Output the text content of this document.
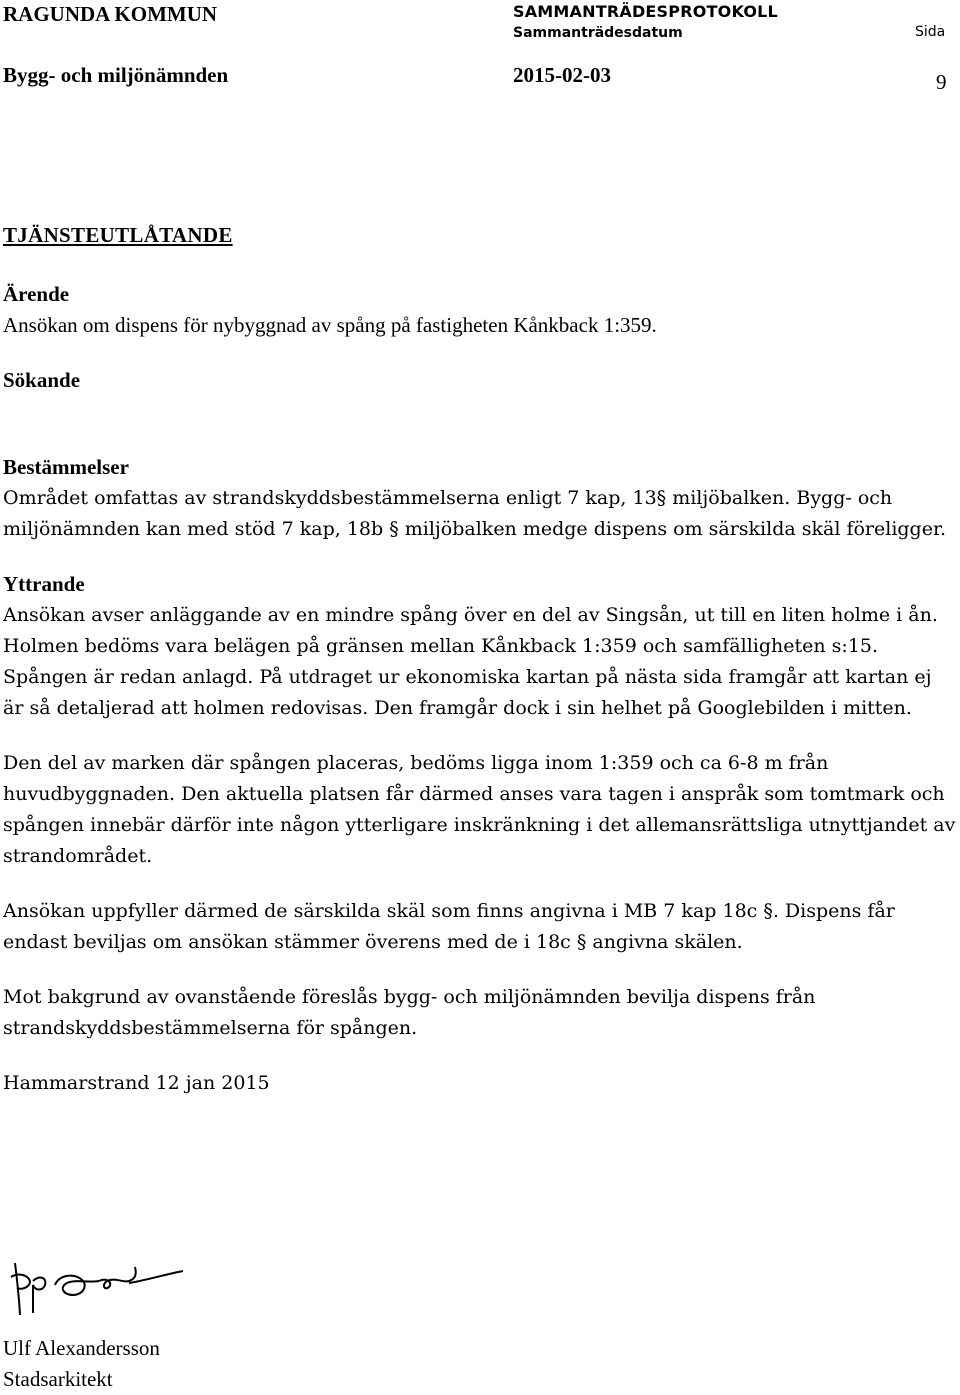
RAGUNDA KOMMUN	SAMMANTRÄDESPROTOKOLL
Sammanträdesdatum	Sida
Bygg- och miljönämnden	2015-02-03	9

TJÄNSTEUTLÅTANDE

Ärende

Ansökan om dispens för nybyggnad av spång på fastigheten Kånkback 1:359.

Sökande

Bestämmelser

Området omfattas av strandskyddsbestämmelserna enligt 7 kap, 13§ miljöbalken. Bygg- och miljönämnden kan med stöd 7 kap, 18b § miljöbalken medge dispens om särskilda skäl föreligger.

Yttrande

Ansökan avser anläggande av en mindre spång över en del av Singsån, ut till en liten holme i ån. Holmen bedöms vara belägen på gränsen mellan Kånkback 1:359 och samfälligheten s:15. Spången är redan anlagd. På utdraget ur ekonomiska kartan på nästa sida framgår att kartan ej är så detaljerad att holmen redovisas. Den framgår dock i sin helhet på Googlebilden i mitten.

Den del av marken där spången placeras, bedöms ligga inom 1:359 och ca 6-8 m från huvudbyggnaden. Den aktuella platsen får därmed anses vara tagen i anspråk som tomtmark och spången innebär därför inte någon ytterligare inskränkning i det allemansrättsliga utnyttjandet av strandområdet.

Ansökan uppfyller därmed de särskilda skäl som finns angivna i MB 7 kap 18c §. Dispens får endast beviljas om ansökan stämmer överens med de i 18c § angivna skälen.

Mot bakgrund av ovanstående föreslås bygg- och miljönämnden bevilja dispens från strandskyddsbestämmelserna för spången.

Hammarstrand 12 jan 2015

Ulf Alexandersson
Stadsarkitekt
